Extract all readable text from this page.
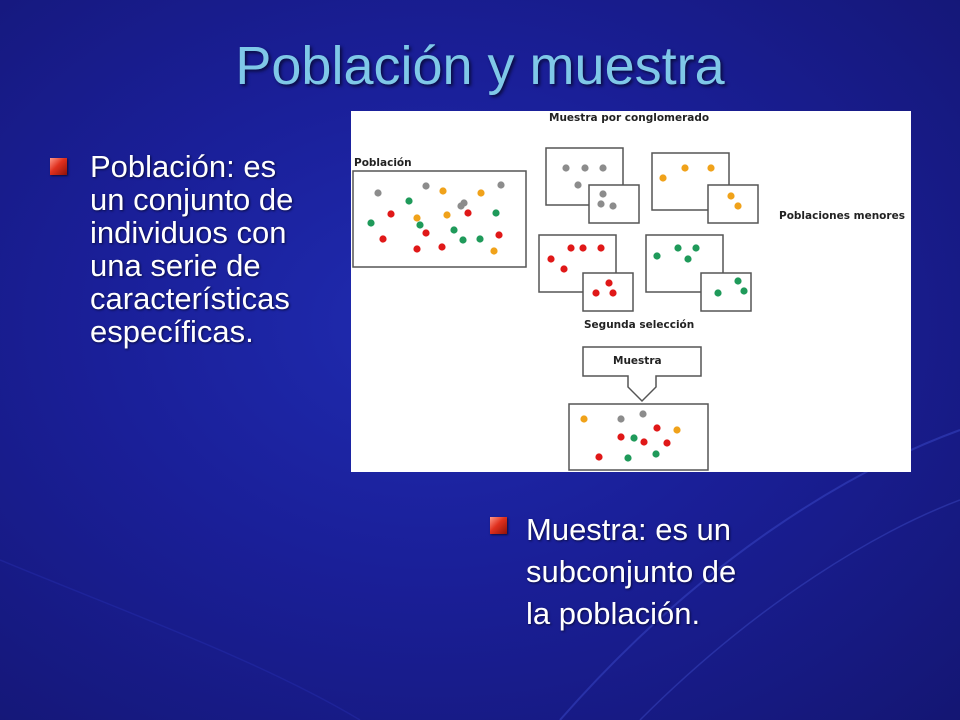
Población y muestra
Población: es
un conjunto de
individuos con
una serie de
características
específicas.
Muestra: es un
subconjunto de
la población.
Muestra por conglomerado
Población
Poblaciones menores
Segunda selección
Muestra
